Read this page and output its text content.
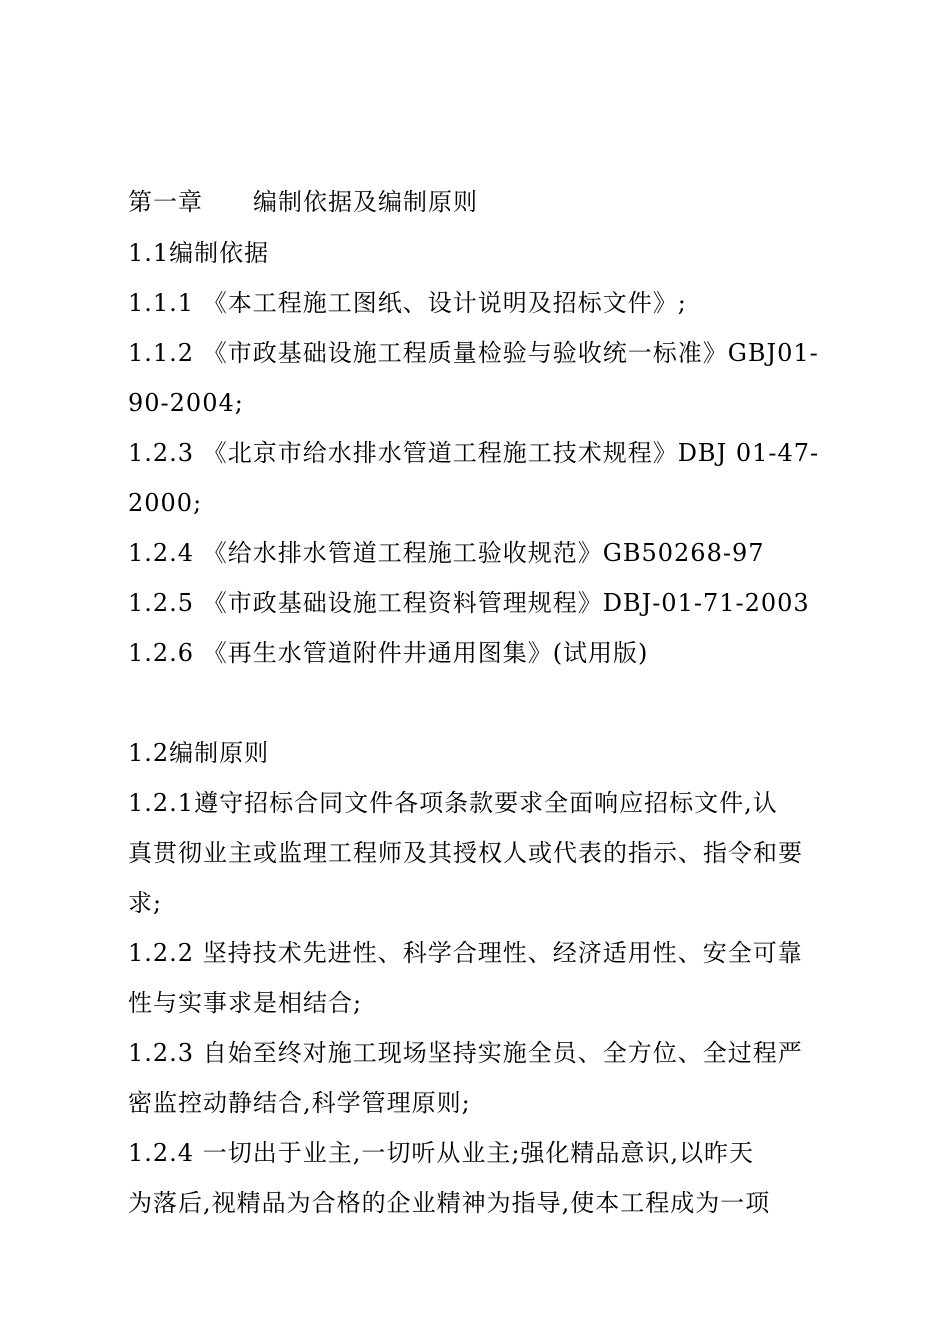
第一章　　编制依据及编制原则
1.1编制依据
1.1.1 《本工程施工图纸、设计说明及招标文件》;
1.1.2 《市政基础设施工程质量检验与验收统一标准》GBJ01-
90-2004;
1.2.3 《北京市给水排水管道工程施工技术规程》DBJ 01-47-
2000;
1.2.4 《给水排水管道工程施工验收规范》GB50268-97
1.2.5 《市政基础设施工程资料管理规程》DBJ-01-71-2003
1.2.6 《再生水管道附件井通用图集》(试用版)
1.2编制原则
1.2.1遵守招标合同文件各项条款要求全面响应招标文件,认
真贯彻业主或监理工程师及其授权人或代表的指示、指令和要
求;
1.2.2 坚持技术先进性、科学合理性、经济适用性、安全可靠
性与实事求是相结合;
1.2.3 自始至终对施工现场坚持实施全员、全方位、全过程严
密监控动静结合,科学管理原则;
1.2.4 一切出于业主,一切听从业主;强化精品意识,以昨天
为落后,视精品为合格的企业精神为指导,使本工程成为一项
